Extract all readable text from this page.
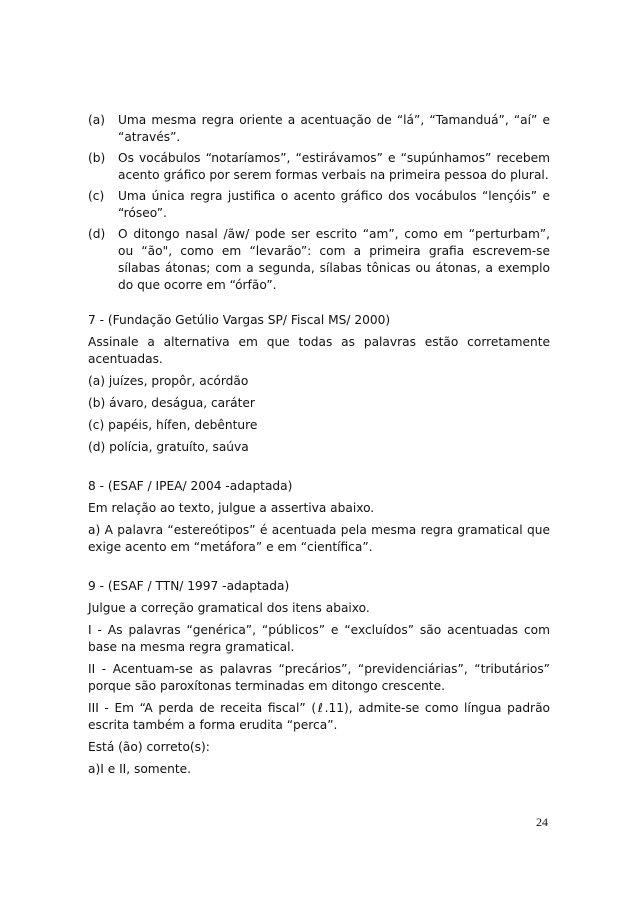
(a) Uma mesma regra oriente a acentuação de “lá”, “Tamanduá”, “aí” e “através”.
(b) Os vocábulos “notaríamos”, “estirávamos” e “supúnhamos” recebem acento gráfico por serem formas verbais na primeira pessoa do plural.
(c) Uma única regra justifica o acento gráfico dos vocábulos “lençóis” e “róseo”.
(d) O ditongo nasal /ãw/ pode ser escrito “am”, como em “perturbam”, ou “ão", como em “levarão”: com a primeira grafia escrevem-se sílabas átonas; com a segunda, sílabas tônicas ou átonas, a exemplo do que ocorre em “órfão”.

7 - (Fundação Getúlio Vargas SP/ Fiscal MS/ 2000)

Assinale a alternativa em que todas as palavras estão corretamente acentuadas.

(a) juízes, propôr, acórdão

(b) ávaro, deságua, caráter

(c) papéis, hífen, debênture

(d) polícia, gratuíto, saúva

8 - (ESAF / IPEA/ 2004 -adaptada)

Em relação ao texto, julgue a assertiva abaixo.

a) A palavra “estereótipos” é acentuada pela mesma regra gramatical que exige acento em “metáfora” e em “científica”.

9 - (ESAF / TTN/ 1997 -adaptada)

Julgue a correção gramatical dos itens abaixo.

I - As palavras “genérica”, “públicos” e “excluídos” são acentuadas com base na mesma regra gramatical.

II - Acentuam-se as palavras “precários”, “previdenciárias”, “tributários” porque são paroxítonas terminadas em ditongo crescente.

III - Em “A perda de receita fiscal” (ℓ.11), admite-se como língua padrão escrita também a forma erudita “perca”.

Está (ão) correto(s):

a)I e II, somente.

24
